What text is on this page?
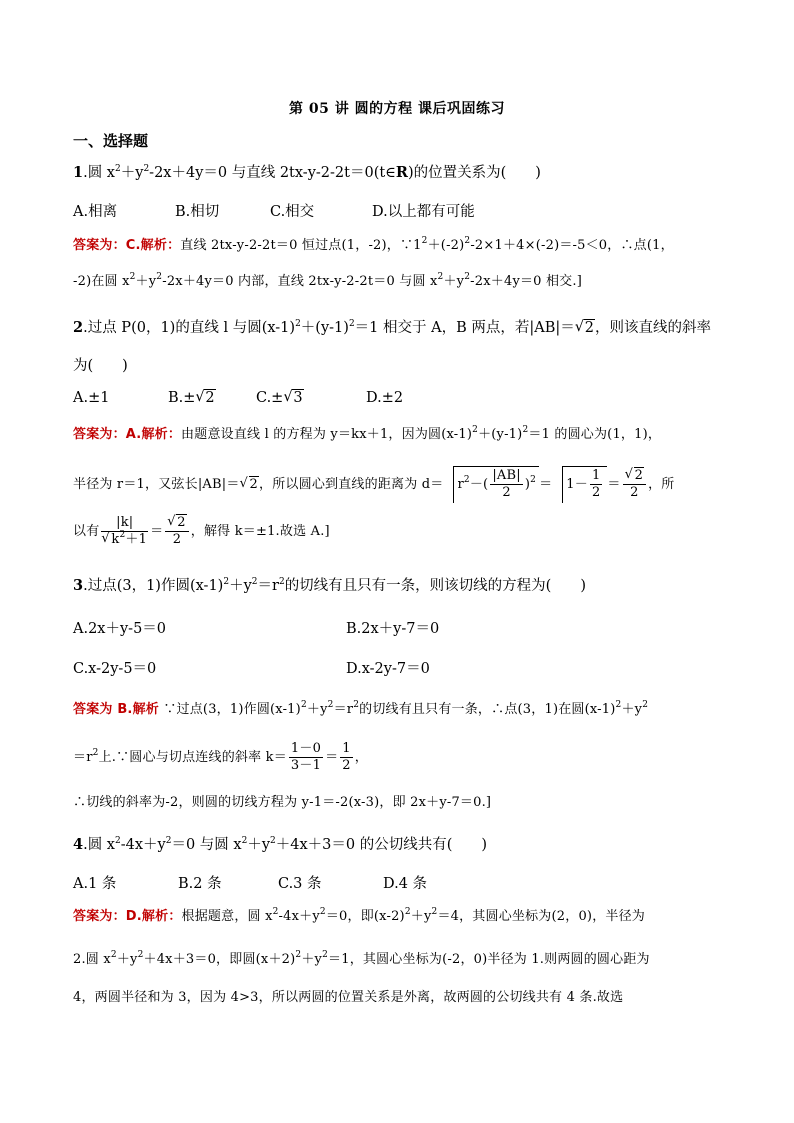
第 05 讲 圆的方程 课后巩固练习
一、选择题
1.圆 $x^2+y^2-2x+4y=0$ 与直线 2tx-y-2-2t＝0(t∈R)的位置关系为(　　)
A.相离	B.相切	C.相交	D.以上都有可能
答案为：C.解析：直线 2tx-y-2-2t＝0 恒过点(1，-2)，$\because 1^2+(-2)^2-2\times 1+4\times(-2)=-5<0$，∴点(1，
-2)在圆 $x^2+y^2-2x+4y=0$ 内部，直线 2tx-y-2-2t＝0 与圆 $x^2+y^2-2x+4y=0$ 相交.]
2.过点 P(0，1)的直线 l 与圆$(x-1)^2+(y-1)^2=1$ 相交于 A，B 两点，若|AB|＝ √ 2，则该直线的斜率
为(　　)
A.±1	B.± √ 2	C.± √ 3	D.±2
答案为：A.解析：由题意设直线 l 的方程为 y＝kx＋1，因为圆$(x-1)^2+(y-1)^2=1$ 的圆心为(1，1)，
半径为 r＝1，又弦长|AB|＝ √ 2，所以圆心到直线的距离为 $d= r^2-( \frac{|AB|}{2} )^2 = 1- \frac{1}{2}$ ＝ √ $\frac{2}{2}$ ，所
以有 |k|
√ $k^2+1$ ＝ √ $\frac{2}{2}$ ，解得 k＝±1.故选 A.]
3.过点(3，1)作圆$(x-1)^2+y^2=r^2$的切线有且只有一条，则该切线的方程为(　　)
A.2x＋y-5＝0	B.2x＋y-7＝0
C.x-2y-5＝0	D.x-2y-7＝0
答案为 B.解析 ∵过点(3，1)作圆$(x-1)^2+y^2=r^2$的切线有且只有一条，∴点(3，1)在圆$(x-1)^2+y^2$
$=r^2$上.∵圆心与切点连线的斜率 $k= \frac{1-0}{3-1} = \frac{1}{2}$ ，
∴切线的斜率为-2，则圆的切线方程为 y-1＝-2(x-3)，即 2x＋y-7＝0.]
4.圆 $x^2-4x+y^2=0$ 与圆 $x^2+y^2+4x+3=0$ 的公切线共有(　　)
A.1 条	B.2 条	C.3 条	D.4 条
答案为：D.解析：根据题意，圆 $x^2-4x+y^2=0$，即$(x-2)^2+y^2=4$，其圆心坐标为(2，0)，半径为
2.圆 $x^2+y^2+4x+3=0$，即圆$(x+2)^2+y^2=1$，其圆心坐标为(-2，0)半径为 1.则两圆的圆心距为
4，两圆半径和为 3，因为 4>3，所以两圆的位置关系是外离，故两圆的公切线共有 4 条.故选
